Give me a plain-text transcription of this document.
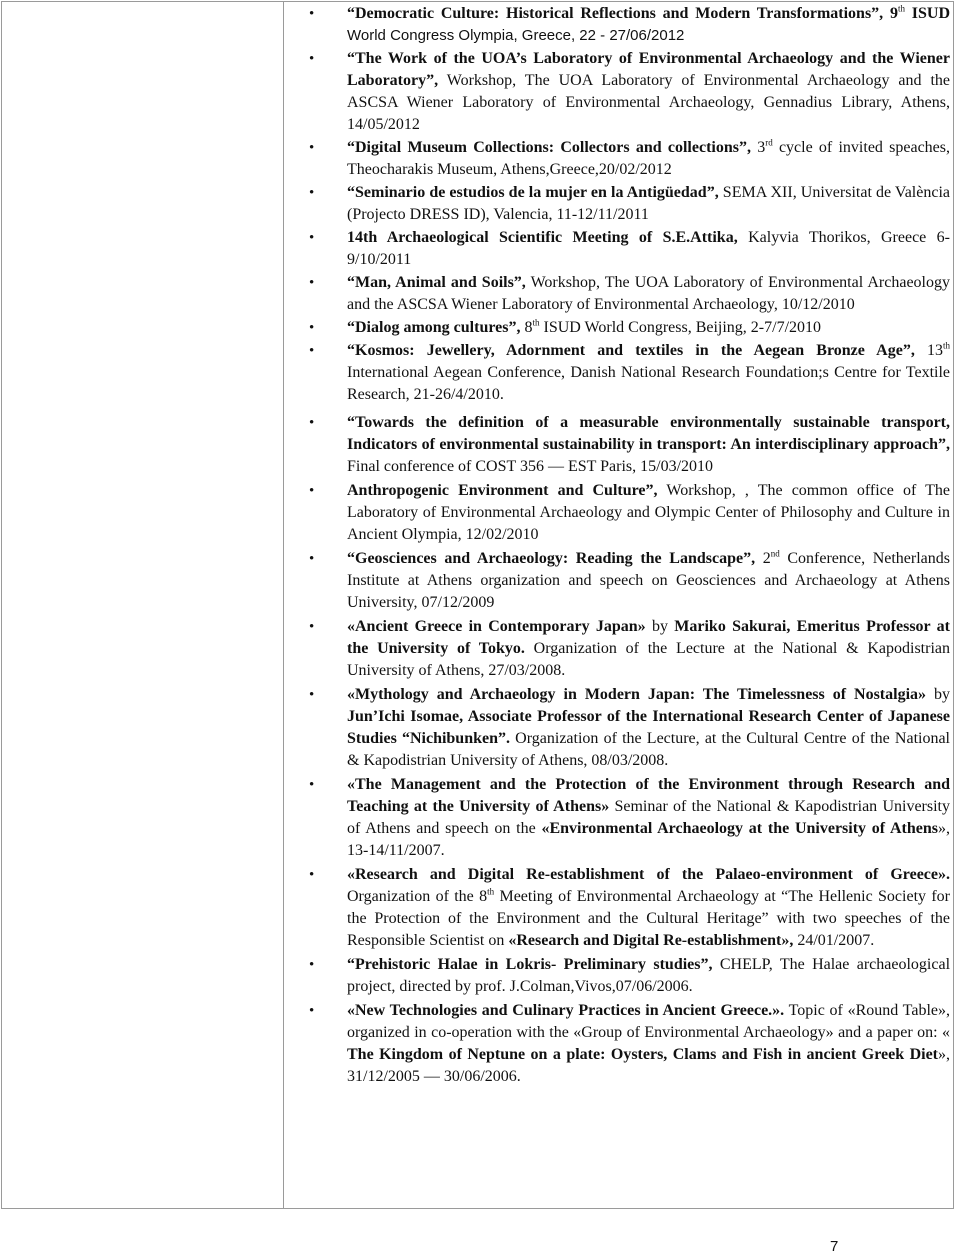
• “Democratic Culture: Historical Reflections and Modern Transformations”, 9th ISUD World Congress Olympia, Greece, 22 - 27/06/2012
• “The Work of the UOA’s Laboratory of Environmental Archaeology and the Wiener Laboratory”, Workshop, The UOA Laboratory of Environmental Archaeology and the ASCSA Wiener Laboratory of Environmental Archaeology, Gennadius Library, Athens, 14/05/2012
• “Digital Museum Collections: Collectors and collections”, 3rd cycle of invited speaches, Theocharakis Museum, Athens,Greece,20/02/2012
• “Seminario de estudios de la mujer en la Antigüedad”, SEMA XII, Universitat de València (Projecto DRESS ID), Valencia, 11-12/11/2011
• 14th Archaeological Scientific Meeting of S.E.Attika, Kalyvia Thorikos, Greece 6-9/10/2011
• “Man, Animal and Soils”, Workshop, The UOA Laboratory of Environmental Archaeology and the ASCSA Wiener Laboratory of Environmental Archaeology, 10/12/2010
• “Dialog among cultures”, 8th ISUD World Congress, Beijing, 2-7/7/2010
• “Kosmos: Jewellery, Adornment and textiles in the Aegean Bronze Age”, 13th International Aegean Conference, Danish National Research Foundation;s Centre for Textile Research, 21-26/4/2010.
• “Towards the definition of a measurable environmentally sustainable transport, Indicators of environmental sustainability in transport: An interdisciplinary approach”, Final conference of COST 356 — EST Paris, 15/03/2010
• Anthropogenic Environment and Culture”, Workshop, , The common office of The Laboratory of Environmental Archaeology and Olympic Center of Philosophy and Culture in Ancient Olympia, 12/02/2010
• “Geosciences and Archaeology: Reading the Landscape”, 2nd Conference, Netherlands Institute at Athens organization and speech on Geosciences and Archaeology at Athens University, 07/12/2009
• «Ancient Greece in Contemporary Japan» by Mariko Sakurai, Emeritus Professor at the University of Tokyo. Organization of the Lecture at the National & Kapodistrian University of Athens, 27/03/2008.
• «Mythology and Archaeology in Modern Japan: The Timelessness of Nostalgia» by Jun’Ichi Isomae, Associate Professor of the International Research Center of Japanese Studies “Nichibunken”. Organization of the Lecture, at the Cultural Centre of the National & Kapodistrian University of Athens, 08/03/2008.
• «The Management and the Protection of the Environment through Research and Teaching at the University of Athens» Seminar of the National & Kapodistrian University of Athens and speech on the «Environmental Archaeology at the University of Athens», 13-14/11/2007.
• «Research and Digital Re-establishment of the Palaeo-environment of Greece». Organization of the 8th Meeting of Environmental Archaeology at “The Hellenic Society for the Protection of the Environment and the Cultural Heritage” with two speeches of the Responsible Scientist on «Research and Digital Re-establishment», 24/01/2007.
• “Prehistoric Halae in Lokris- Preliminary studies”, CHELP, The Halae archaeological project, directed by prof. J.Colman,Vivos,07/06/2006.
• «New Technologies and Culinary Practices in Ancient Greece.». Topic of «Round Table», organized in co-operation with the «Group of Environmental Archaeology» and a paper on: « The Kingdom of Neptune on a plate: Oysters, Clams and Fish in ancient Greek Diet», 31/12/2005 — 30/06/2006.
7
